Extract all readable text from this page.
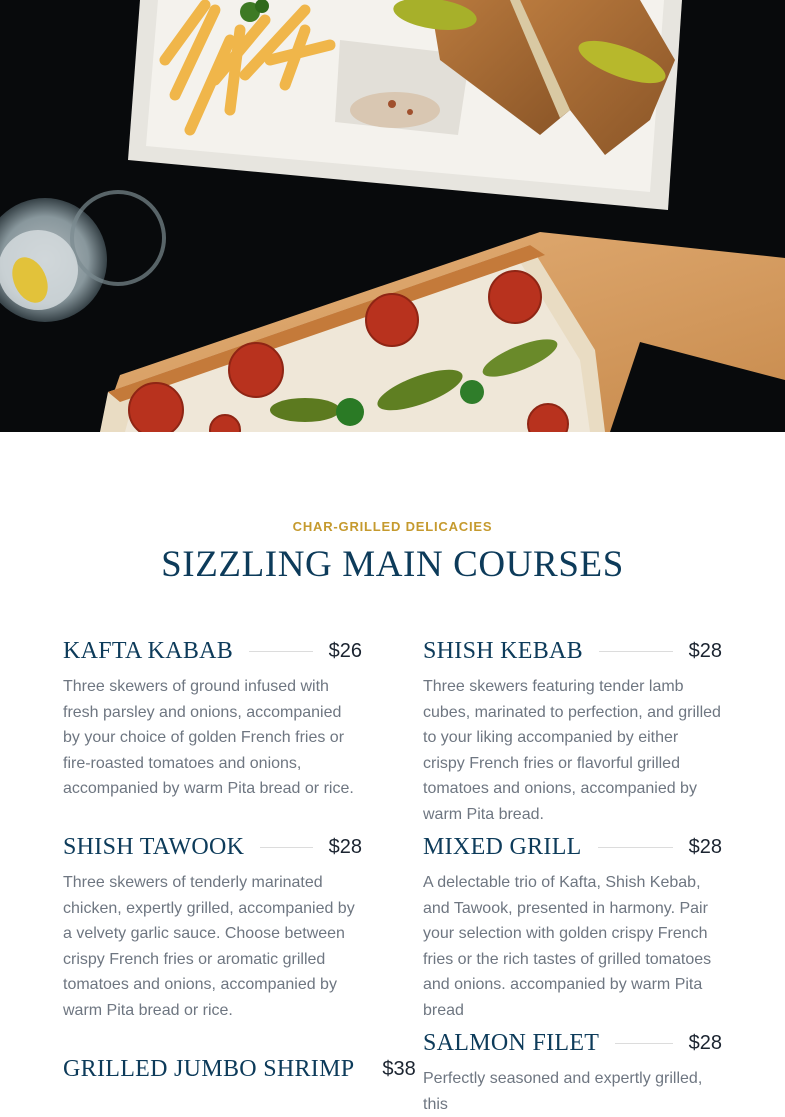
CHAR-GRILLED DELICACIES
SIZZLING MAIN COURSES
KAFTA KABAB	$26
Three skewers of ground infused with fresh parsley and onions, accompanied by your choice of golden French fries or fire-roasted tomatoes and onions, accompanied by warm Pita bread or rice.
SHISH KEBAB	$28
Three skewers featuring tender lamb cubes, marinated to perfection, and grilled to your liking accompanied by either crispy French fries or flavorful grilled tomatoes and onions, accompanied by warm Pita bread.
SHISH TAWOOK	$28
Three skewers of tenderly marinated chicken, expertly grilled, accompanied by a velvety garlic sauce. Choose between crispy French fries or aromatic grilled tomatoes and onions, accompanied by warm Pita bread or rice.
MIXED GRILL	$28
A delectable trio of Kafta, Shish Kebab, and Tawook, presented in harmony. Pair your selection with golden crispy French fries or the rich tastes of grilled tomatoes and onions. accompanied by warm Pita bread
GRILLED JUMBO SHRIMP $38
SALMON FILET	$28
Perfectly seasoned and expertly grilled, this
